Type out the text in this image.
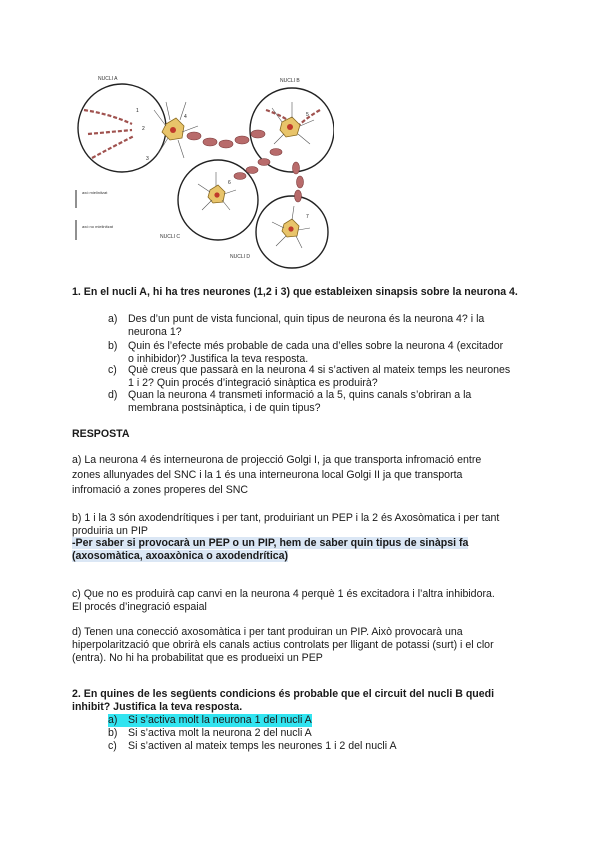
NUCLI A	NUCLI B
NUCLI C
NUCLI D
1
2
3
4	5
6
7
axó mielinitzat
axó no mielinitzat
1. En el nucli A, hi ha tres neurones (1,2 i 3) que estableixen sinapsis sobre la neurona 4.
a) Des d’un punt de vista funcional, quin tipus de neurona és la neurona 4? i la
neurona 1?
b) Quin és l’efecte més probable de cada una d’elles sobre la neurona 4 (excitador
o inhibidor)? Justifica la teva resposta.
c)	Què creus que passarà en la neurona 4 si s’activen al mateix temps les neurones
1 i 2? Quin procés d’integració sinàptica es produirà?
d) Quan la neurona 4 transmeti informació a la 5, quins canals s’obriran a la
membrana postsinàptica, i de quin tipus?
RESPOSTA
a) La neurona 4 és interneurona de projecció Golgi I, ja que transporta infromació entre
zones allunyades del SNC i la 1 és una interneurona local Golgi II ja que transporta
infromació a zones properes del SNC
b) 1 i la 3 són axodendrítiques i per tant, produiriant un PEP i la 2 és Axosòmatica i per tant
produiria un PIP
-Per saber si provocarà un PEP o un PIP, hem de saber quin tipus de sinàpsi fa
(axosomàtica, axoaxònica o axodendrítica)
c) Que no es produirà cap canvi en la neurona 4 perquè 1 és excitadora i l’altra inhibidora.
El procés d’inegració espaial
d) Tenen una conecció axosomàtica i per tant produiran un PIP. Això provocarà una
hiperpolarització que obrirà els canals actius controlats per lligant de potassi (surt) i el clor
(entra). No hi ha probabilitat que es produeixi un PEP
2. En quines de les següents condicions és probable que el circuit del nucli B quedi
inhibit? Justifica la teva resposta.
a) Si s’activa molt la neurona 1 del nucli A
b) Si s’activa molt la neurona 2 del nucli A
c)	Si s’activen al mateix temps les neurones 1 i 2 del nucli A
